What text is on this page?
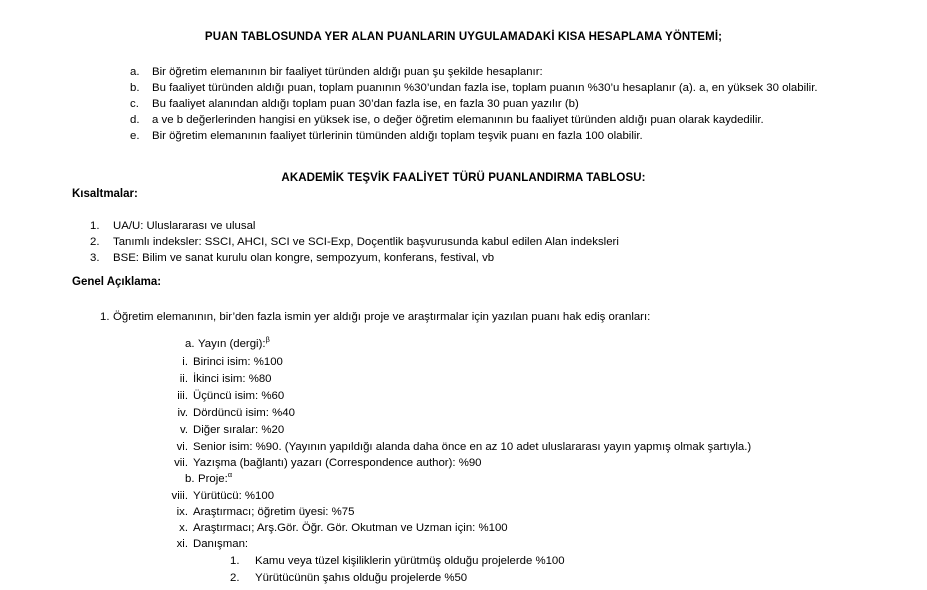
PUAN TABLOSUNDA YER ALAN PUANLARIN UYGULAMADAKİ KISA HESAPLAMA YÖNTEMİ;
a.	Bir öğretim elemanının bir faaliyet türünden aldığı puan şu şekilde hesaplanır:
b.	Bu faaliyet türünden aldığı puan, toplam puanının %30’undan fazla ise, toplam puanın %30’u hesaplanır (a). a, en yüksek 30 olabilir.
c.	Bu faaliyet alanından aldığı toplam puan 30’dan fazla ise, en fazla 30 puan yazılır (b)
d.	a ve b değerlerinden hangisi en yüksek ise, o değer öğretim elemanının bu faaliyet türünden aldığı puan olarak kaydedilir.
e.	Bir öğretim elemanının faaliyet türlerinin tümünden aldığı toplam teşvik puanı en fazla 100 olabilir.
AKADEMİK TEŞVİK FAALİYET TÜRÜ PUANLANDIRMA TABLOSU:
Kısaltmalar:
1.	UA/U: Uluslararası ve ulusal
2.	Tanımlı indeksler: SSCI, AHCI, SCI ve SCI-Exp, Doçentlik başvurusunda kabul edilen Alan indeksleri
3.	BSE: Bilim ve sanat kurulu olan kongre, sempozyum, konferans, festival, vb
Genel Açıklama:
1. Öğretim elemanının, bir’den fazla ismin yer aldığı proje ve araştırmalar için yazılan puanı hak ediş oranları:
a. Yayın (dergi):$^\beta$
i. Birinci isim: %100
ii. İkinci isim: %80
iii. Üçüncü isim: %60
iv. Dördüncü isim: %40
v. Diğer sıralar: %20
vi. Senior isim: %90. (Yayının yapıldığı alanda daha önce en az 10 adet uluslararası yayın yapmış olmak şartıyla.)
vii. Yazışma (bağlantı) yazarı (Correspondence author): %90
b. Proje:$^\alpha$
viii. Yürütücü: %100
ix. Araştırmacı; öğretim üyesi: %75
x. Araştırmacı; Arş.Gör. Öğr. Gör. Okutman ve Uzman için: %100
xi. Danışman:
1.	Kamu veya tüzel kişiliklerin yürütmüş olduğu projelerde %100
2.	Yürütücünün şahıs olduğu projelerde %50
